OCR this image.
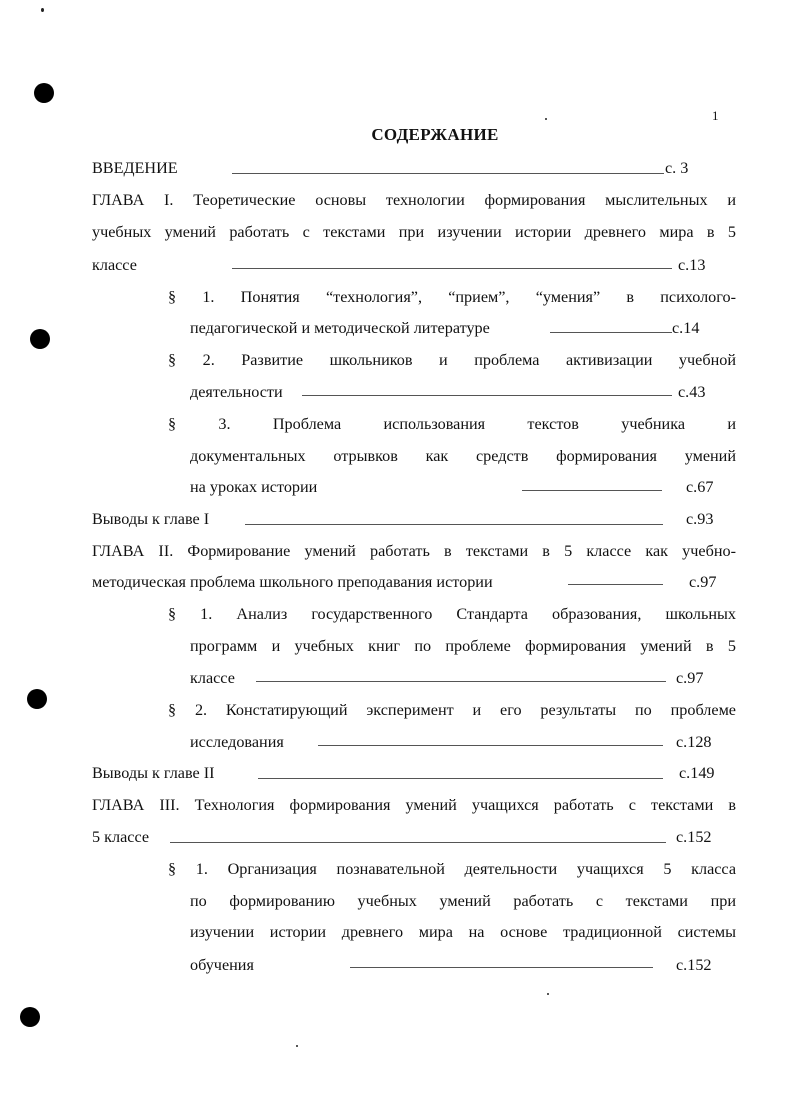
1
СОДЕРЖАНИЕ
ВВЕДЕНИЕ	с. 3
ГЛАВА I. Теоретические основы технологии формирования мыслительных и
учебных умений работать с текстами при изучении истории древнего мира в 5
классе	с.13
§ 1. Понятия “технология”, “прием”, “умения” в психолого-
педагогической и методической литературе	с.14
§ 2. Развитие школьников и проблема активизации учебной
деятельности	с.43
§ 3. Проблема использования текстов учебника и
документальных отрывков как средств формирования умений
на уроках истории	с.67
Выводы к главе I	с.93
ГЛАВА II. Формирование умений работать в текстами в 5 классе как учебно-
методическая проблема школьного преподавания истории	с.97
§ 1. Анализ государственного Стандарта образования, школьных
программ и учебных книг по проблеме формирования умений в 5
классе	с.97
§ 2. Констатирующий эксперимент и его результаты по проблеме
исследования	с.128
Выводы к главе II	с.149
ГЛАВА III. Технология формирования умений учащихся работать с текстами в
5 классе	с.152
§ 1. Организация познавательной деятельности учащихся 5 класса
по формированию учебных умений работать с текстами при
изучении истории древнего мира на основе традиционной системы
обучения	с.152
